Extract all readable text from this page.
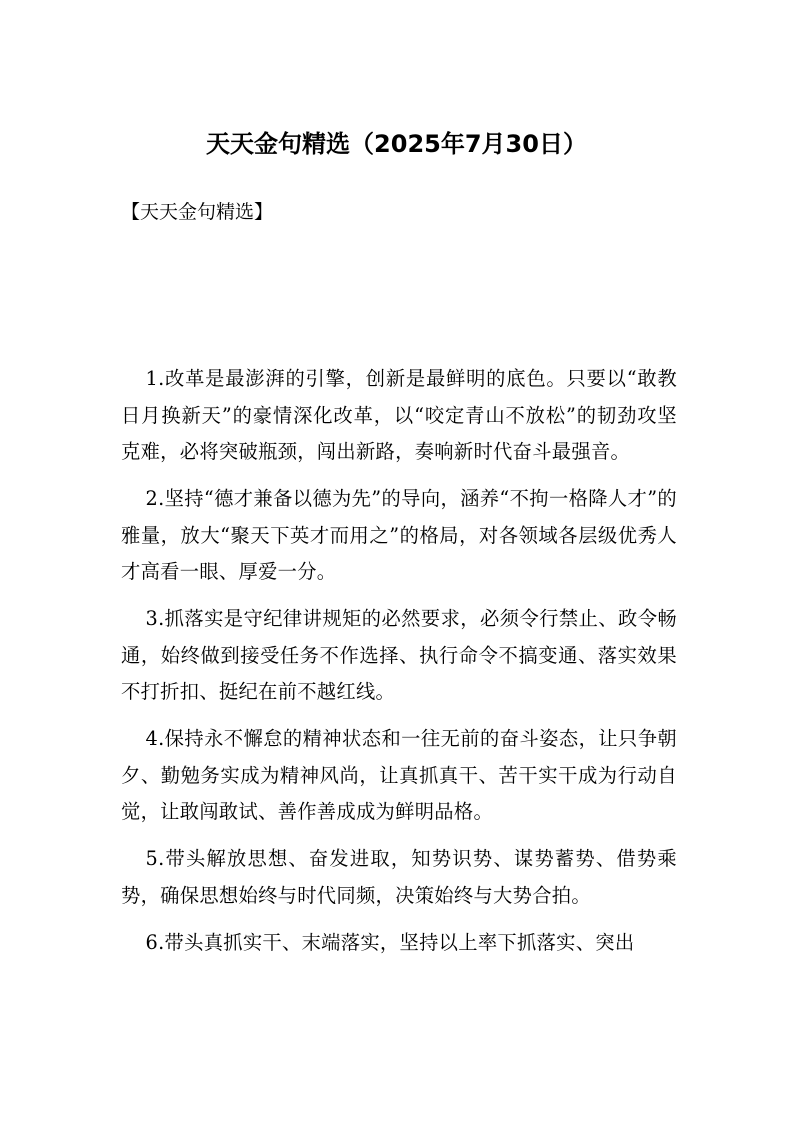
天天金句精选（2025年7月30日）
【天天金句精选】

1.改革是最澎湃的引擎，创新是最鲜明的底色。只要以“敢教日月换新天”的豪情深化改革，以“咬定青山不放松”的韧劲攻坚克难，必将突破瓶颈，闯出新路，奏响新时代奋斗最强音。

2.坚持“德才兼备以德为先”的导向，涵养“不拘一格降人才”的雅量，放大“聚天下英才而用之”的格局，对各领域各层级优秀人才高看一眼、厚爱一分。

3.抓落实是守纪律讲规矩的必然要求，必须令行禁止、政令畅通，始终做到接受任务不作选择、执行命令不搞变通、落实效果不打折扣、挺纪在前不越红线。

4.保持永不懈怠的精神状态和一往无前的奋斗姿态，让只争朝夕、勤勉务实成为精神风尚，让真抓真干、苦干实干成为行动自觉，让敢闯敢试、善作善成成为鲜明品格。

5.带头解放思想、奋发进取，知势识势、谋势蓄势、借势乘势，确保思想始终与时代同频，决策始终与大势合拍。

6.带头真抓实干、末端落实，坚持以上率下抓落实、突出
